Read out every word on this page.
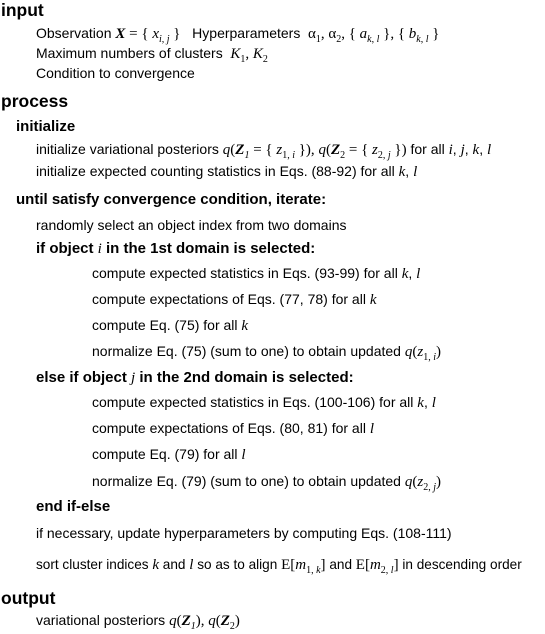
input
Observation X = { $x_{i, j}$ } Hyperparameters  $\alpha_1$, $\alpha_2$, { $a_{k, l}$ }, { $b_{k, l}$ }
Maximum numbers of clusters $K_1$, $K_2$
Condition to convergence
process
initialize
initialize variational posteriors $q(Z_1$ = { $z_{1, i}$ }), $q(Z_2$ = { $z_{2, j}$ }) for all i, j, k, l
initialize expected counting statistics in Eqs. (88-92) for all k, l
until satisfy convergence condition, iterate:
randomly select an object index from two domains
if object i in the 1st domain is selected:
compute expected statistics in Eqs. (93-99) for all k, l
compute expectations of Eqs. (77, 78) for all k
compute Eq. (75) for all k
normalize Eq. (75) (sum to one) to obtain updated $q(z_{1, i})$
else if object j in the 2nd domain is selected:
compute expected statistics in Eqs. (100-106) for all k, l
compute expectations of Eqs. (80, 81) for all l
compute Eq. (79) for all l
normalize Eq. (79) (sum to one) to obtain updated $q(z_{2, j})$
end if-else
if necessary, update hyperparameters by computing Eqs. (108-111)
sort cluster indices k and l so as to align $E[m_{1, k}]$ and $E[m_{2, l}]$ in descending order
output
variational posteriors $q(Z_1)$, $q(Z_2)$
